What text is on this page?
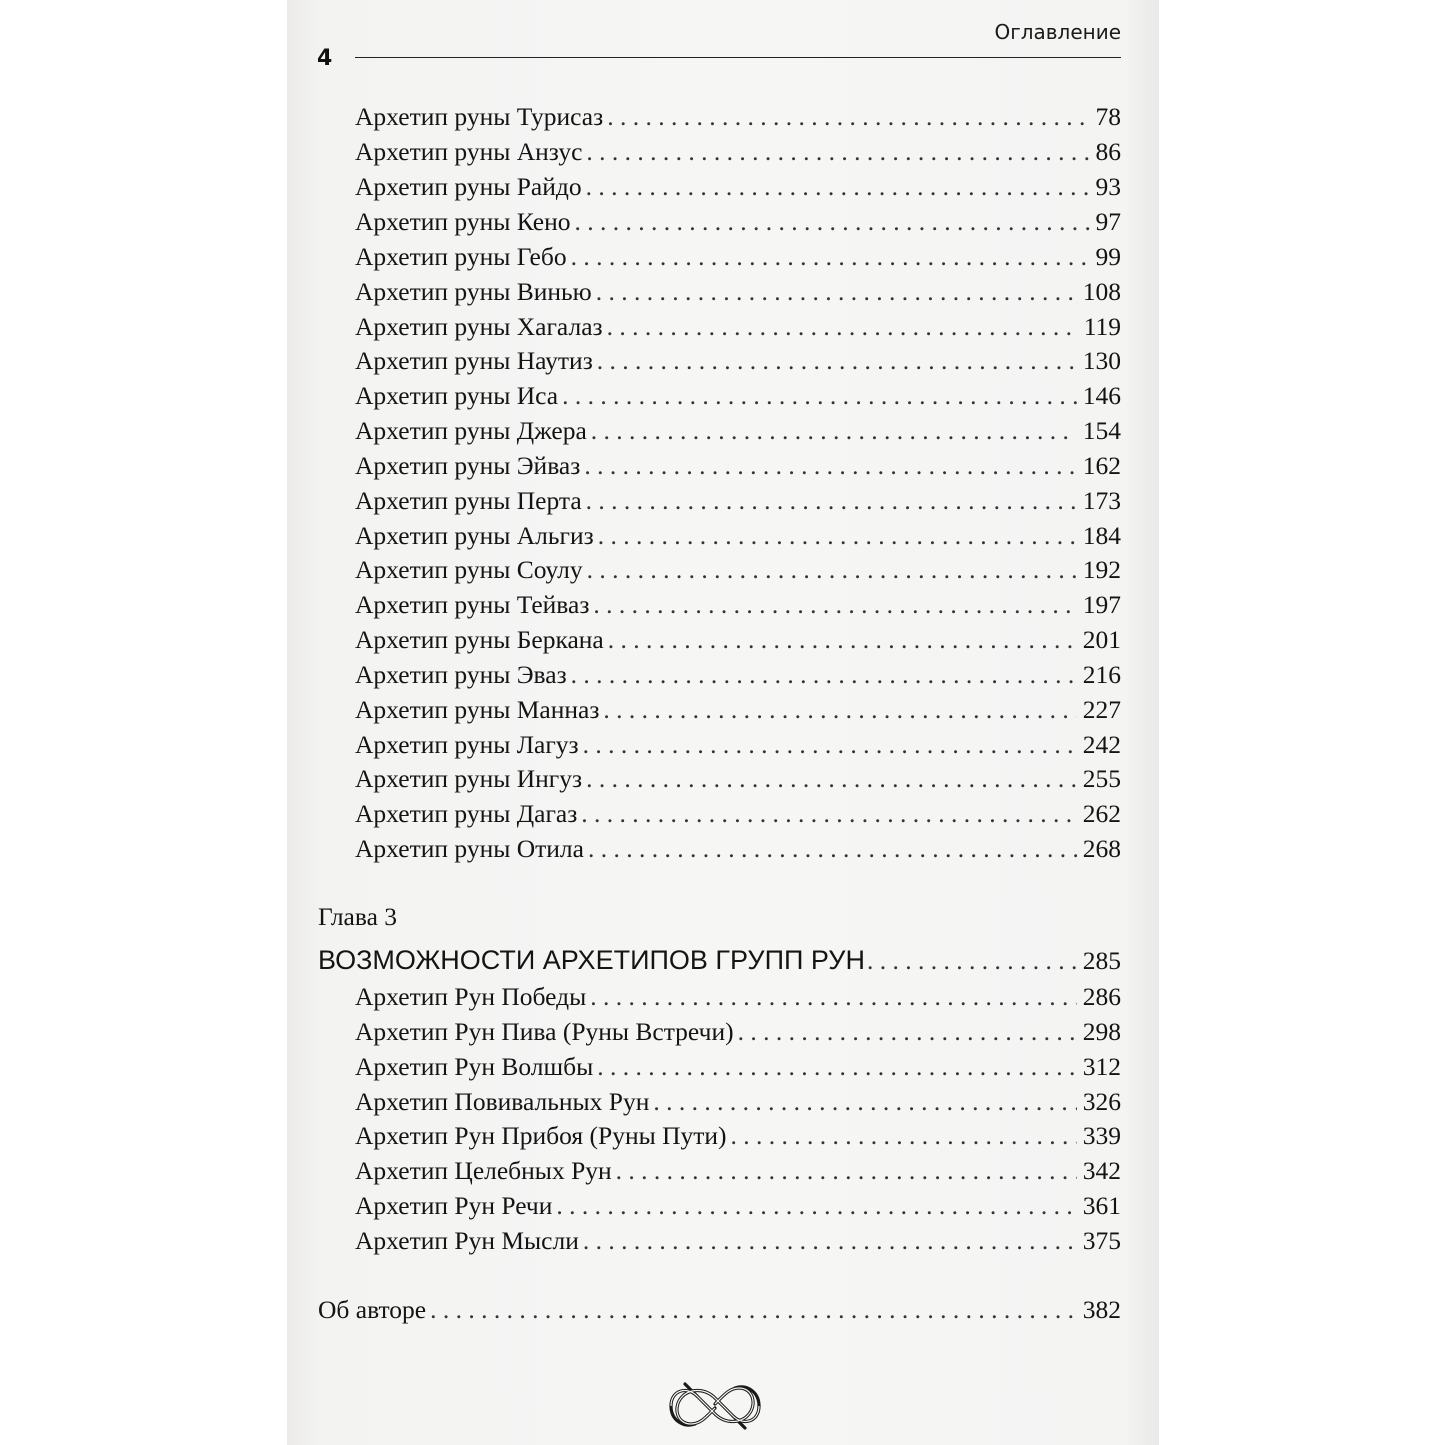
Оглавление
4
Архетип руны Турисаз . . .	78
Архетип руны Анзус . . .	86
Архетип руны Райдо . . .	93
Архетип руны Кено . . .	97
Архетип руны Гебо . . .	99
Архетип руны Винью . . .	108
Архетип руны Хагалаз . . .	119
Архетип руны Наутиз . . .	130
Архетип руны Иса . . .	146
Архетип руны Джера . . .	154
Архетип руны Эйваз . . .	162
Архетип руны Перта . . .	173
Архетип руны Альгиз . . .	184
Архетип руны Соулу . . .	192
Архетип руны Тейваз . . .	197
Архетип руны Беркана . . .	201
Архетип руны Эваз . . .	216
Архетип руны Манназ . . .	227
Архетип руны Лагуз . . .	242
Архетип руны Ингуз . . .	255
Архетип руны Дагаз . . .	262
Архетип руны Отила . . .	268
Глава 3
ВОЗМОЖНОСТИ АРХЕТИПОВ ГРУПП РУН . . .	285
Архетип Рун Победы . . .	286
Архетип Рун Пива (Руны Встречи) . . .	298
Архетип Рун Волшбы . . .	312
Архетип Повивальных Рун . . .	326
Архетип Рун Прибоя (Руны Пути) . . .	339
Архетип Целебных Рун . . .	342
Архетип Рун Речи . . .	361
Архетип Рун Мысли . . .	375
Об авторе . . .	382
